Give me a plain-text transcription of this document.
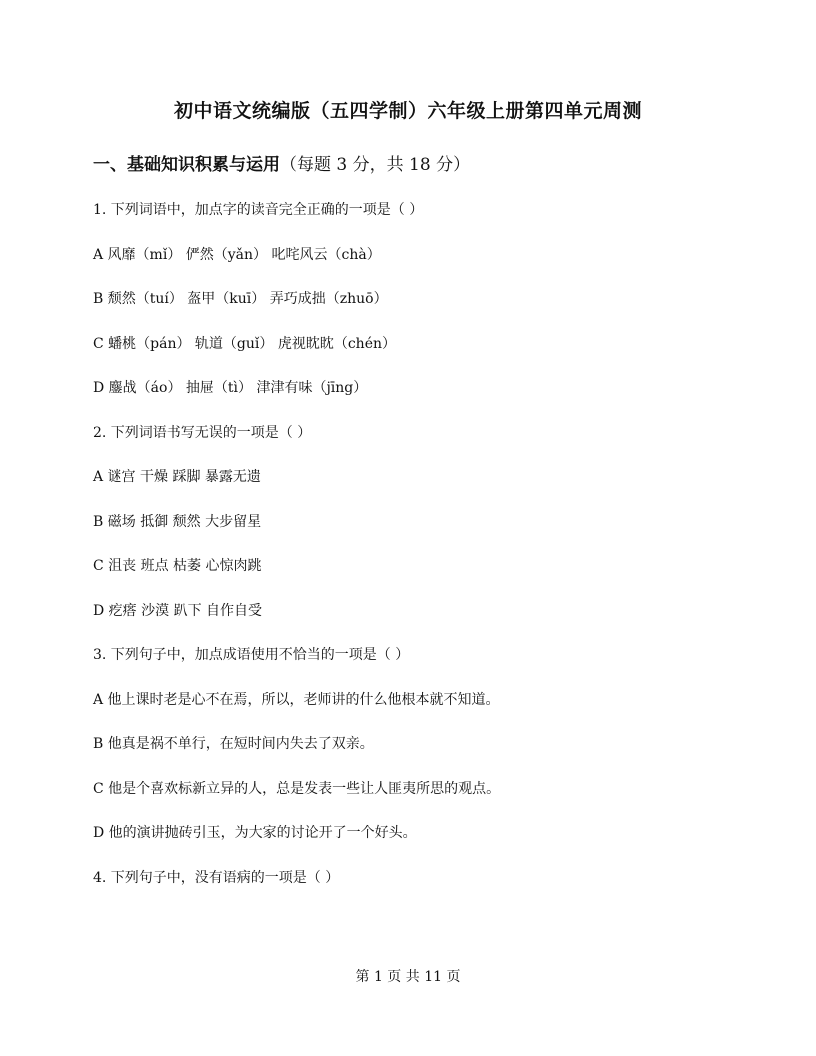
初中语文统编版（五四学制）六年级上册第四单元周测
一、基础知识积累与运用（每题 3 分，共 18 分）
1. 下列词语中，加点字的读音完全正确的一项是（ ）
A 风靡（mǐ） 俨然（yǎn） 叱咤风云（chà）
B 颓然（tuí） 盔甲（kuī） 弄巧成拙（zhuō）
C 蟠桃（pán） 轨道（guǐ） 虎视眈眈（chén）
D 鏖战（áo） 抽屉（tì） 津津有味（jīng）
2. 下列词语书写无误的一项是（ ）
A 谜宫 干燥 踩脚 暴露无遗
B 磁场 抵御 颓然 大步留星
C 沮丧 班点 枯萎 心惊肉跳
D 疙瘩 沙漠 趴下 自作自受
3. 下列句子中，加点成语使用不恰当的一项是（ ）
A 他上课时老是心不在焉，所以，老师讲的什么他根本就不知道。
B 他真是祸不单行，在短时间内失去了双亲。
C 他是个喜欢标新立异的人，总是发表一些让人匪夷所思的观点。
D 他的演讲抛砖引玉，为大家的讨论开了一个好头。
4. 下列句子中，没有语病的一项是（ ）
第 1 页 共 11 页
